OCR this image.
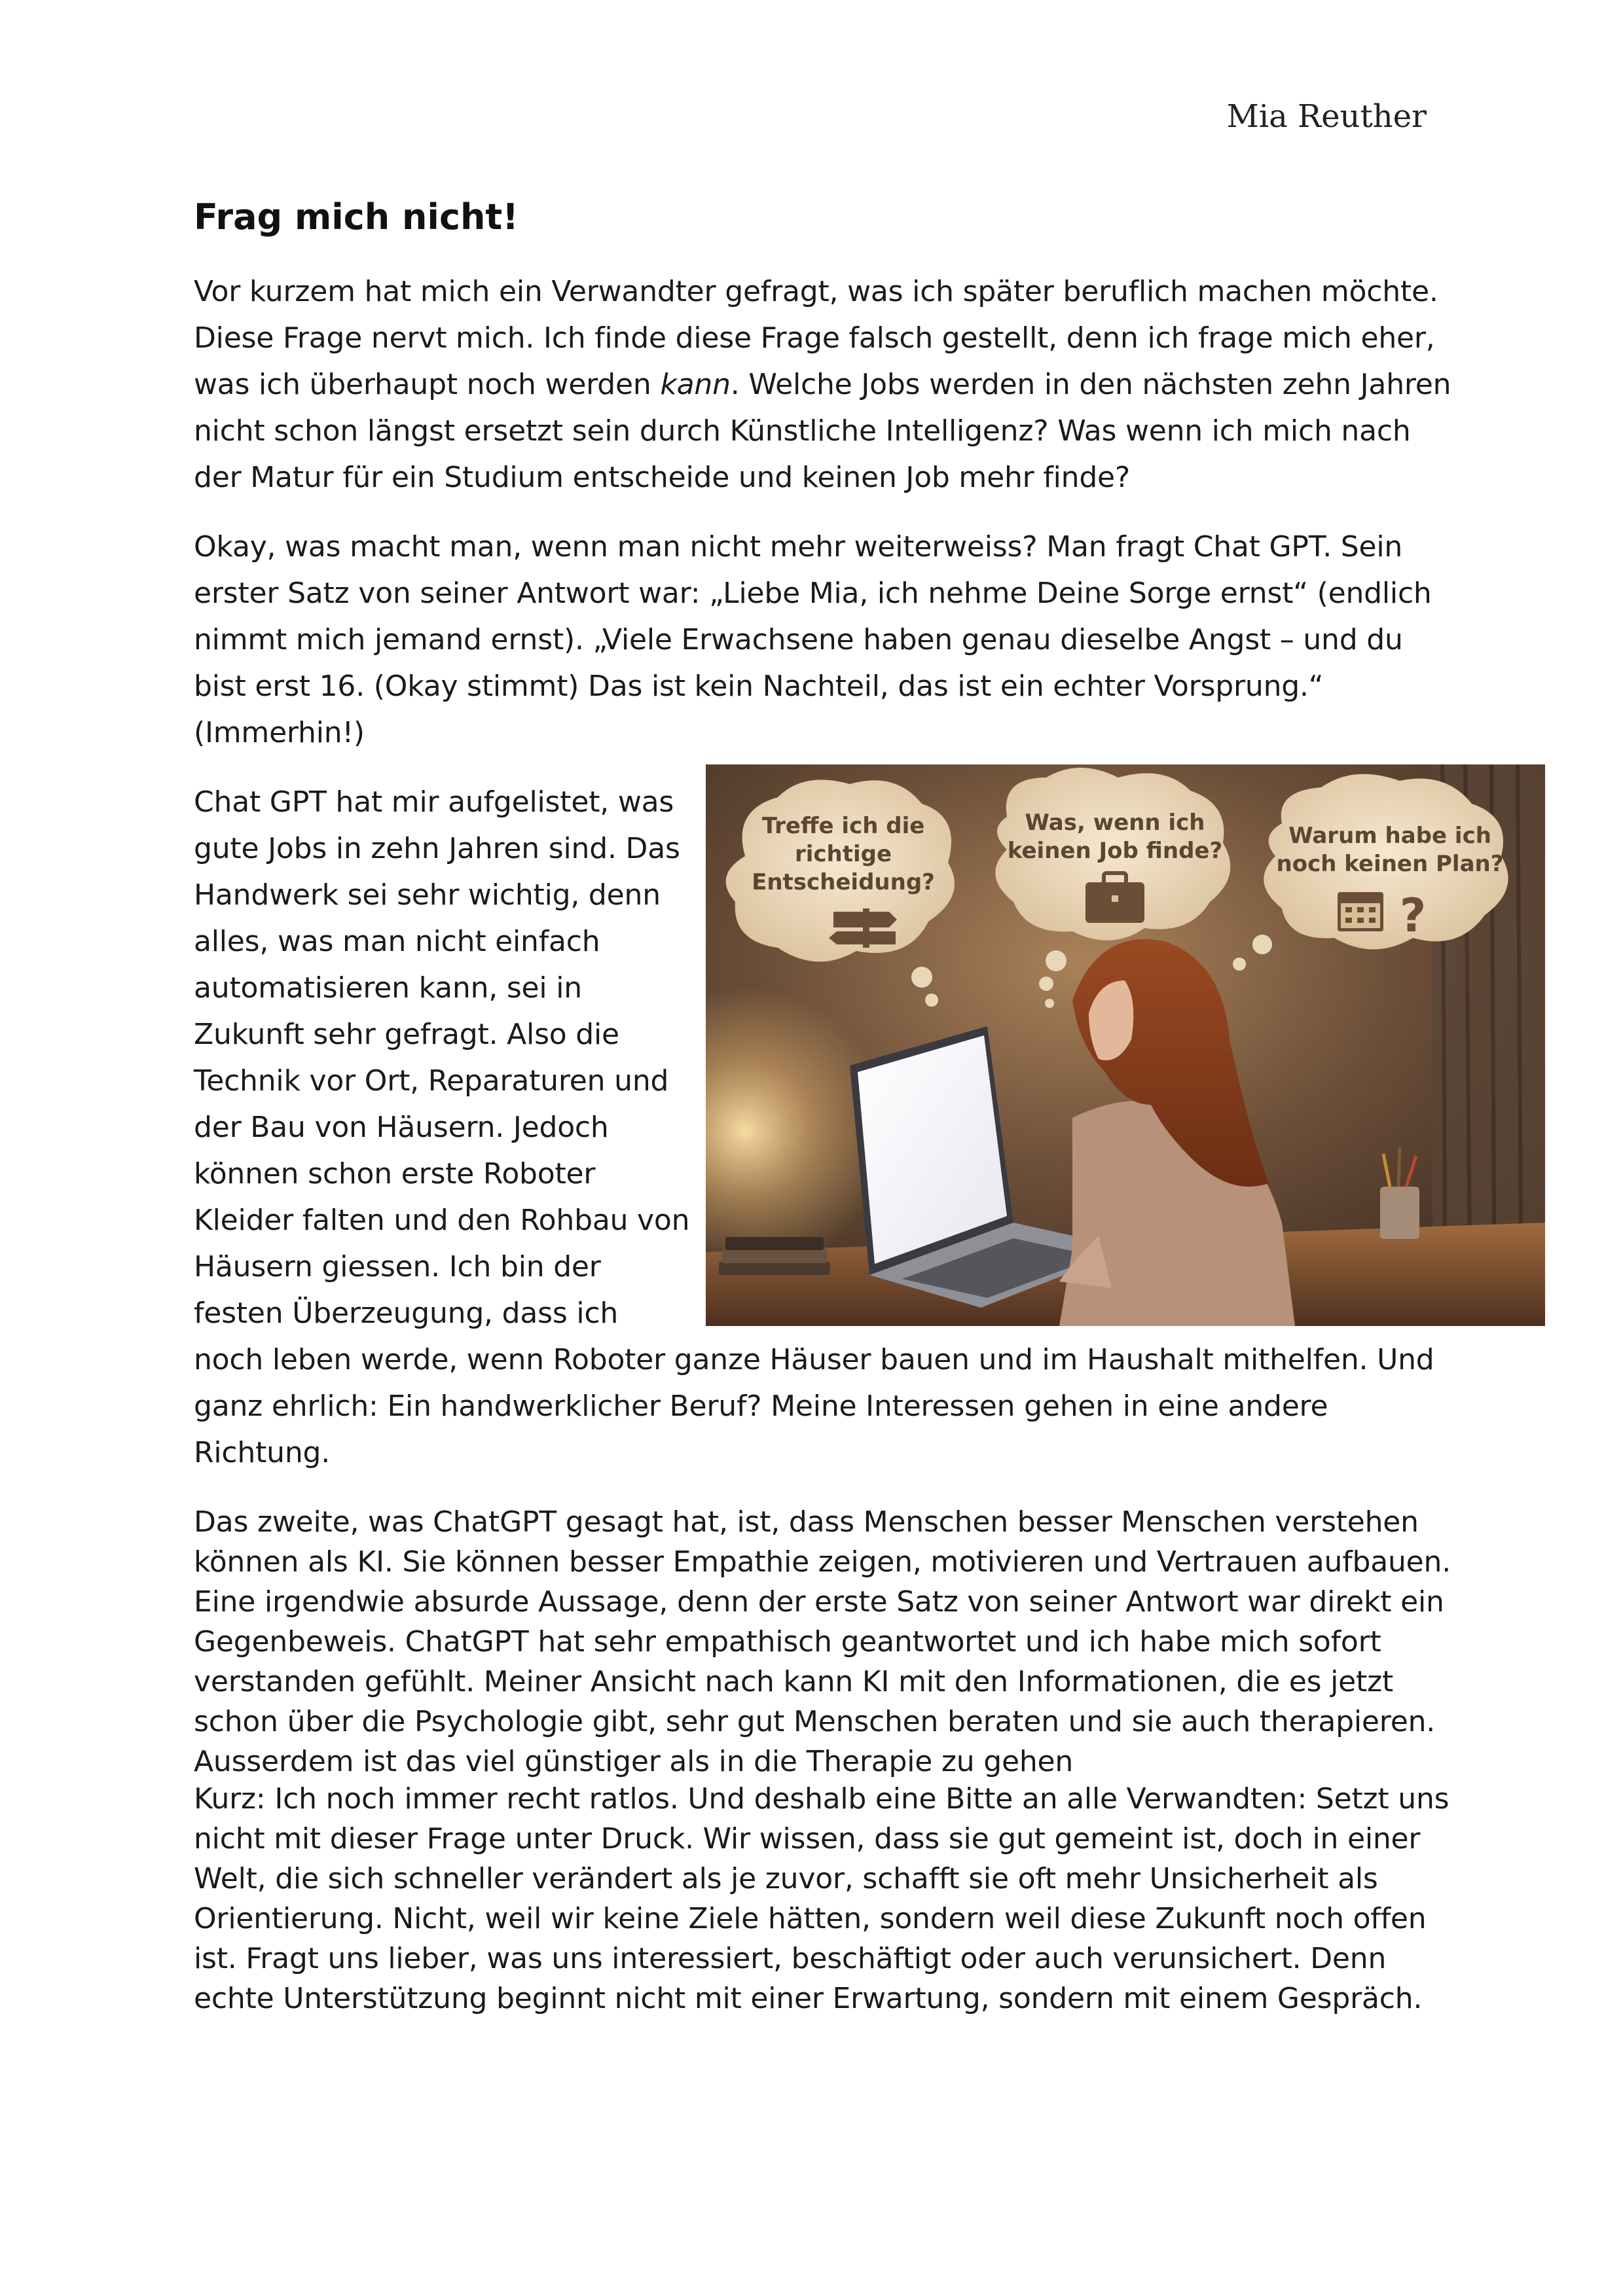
Mia Reuther
Frag mich nicht!

Vor kurzem hat mich ein Verwandter gefragt, was ich später beruflich machen möchte.
Diese Frage nervt mich. Ich finde diese Frage falsch gestellt, denn ich frage mich eher,
was ich überhaupt noch werden kann. Welche Jobs werden in den nächsten zehn Jahren
nicht schon längst ersetzt sein durch Künstliche Intelligenz? Was wenn ich mich nach
der Matur für ein Studium entscheide und keinen Job mehr finde?

Okay, was macht man, wenn man nicht mehr weiterweiss? Man fragt Chat GPT. Sein
erster Satz von seiner Antwort war: „Liebe Mia, ich nehme Deine Sorge ernst“ (endlich
nimmt mich jemand ernst). „Viele Erwachsene haben genau dieselbe Angst – und du
bist erst 16. (Okay stimmt) Das ist kein Nachteil, das ist ein echter Vorsprung.“
(Immerhin!)

Chat GPT hat mir aufgelistet, was
gute Jobs in zehn Jahren sind. Das
Handwerk sei sehr wichtig, denn
alles, was man nicht einfach
automatisieren kann, sei in
Zukunft sehr gefragt. Also die
Technik vor Ort, Reparaturen und
der Bau von Häusern. Jedoch
können schon erste Roboter
Kleider falten und den Rohbau von
Häusern giessen. Ich bin der
festen Überzeugung, dass ich
noch leben werde, wenn Roboter ganze Häuser bauen und im Haushalt mithelfen. Und
ganz ehrlich: Ein handwerklicher Beruf? Meine Interessen gehen in eine andere
Richtung.

Treffe ich die
richtige
Entscheidung?
Was, wenn ich
keinen Job finde?
Warum habe ich
noch keinen Plan?
?

Das zweite, was ChatGPT gesagt hat, ist, dass Menschen besser Menschen verstehen
können als KI. Sie können besser Empathie zeigen, motivieren und Vertrauen aufbauen.
Eine irgendwie absurde Aussage, denn der erste Satz von seiner Antwort war direkt ein
Gegenbeweis. ChatGPT hat sehr empathisch geantwortet und ich habe mich sofort
verstanden gefühlt. Meiner Ansicht nach kann KI mit den Informationen, die es jetzt
schon über die Psychologie gibt, sehr gut Menschen beraten und sie auch therapieren.
Ausserdem ist das viel günstiger als in die Therapie zu gehen

Kurz: Ich noch immer recht ratlos. Und deshalb eine Bitte an alle Verwandten: Setzt uns
nicht mit dieser Frage unter Druck. Wir wissen, dass sie gut gemeint ist, doch in einer
Welt, die sich schneller verändert als je zuvor, schafft sie oft mehr Unsicherheit als
Orientierung. Nicht, weil wir keine Ziele hätten, sondern weil diese Zukunft noch offen
ist. Fragt uns lieber, was uns interessiert, beschäftigt oder auch verunsichert. Denn
echte Unterstützung beginnt nicht mit einer Erwartung, sondern mit einem Gespräch.
